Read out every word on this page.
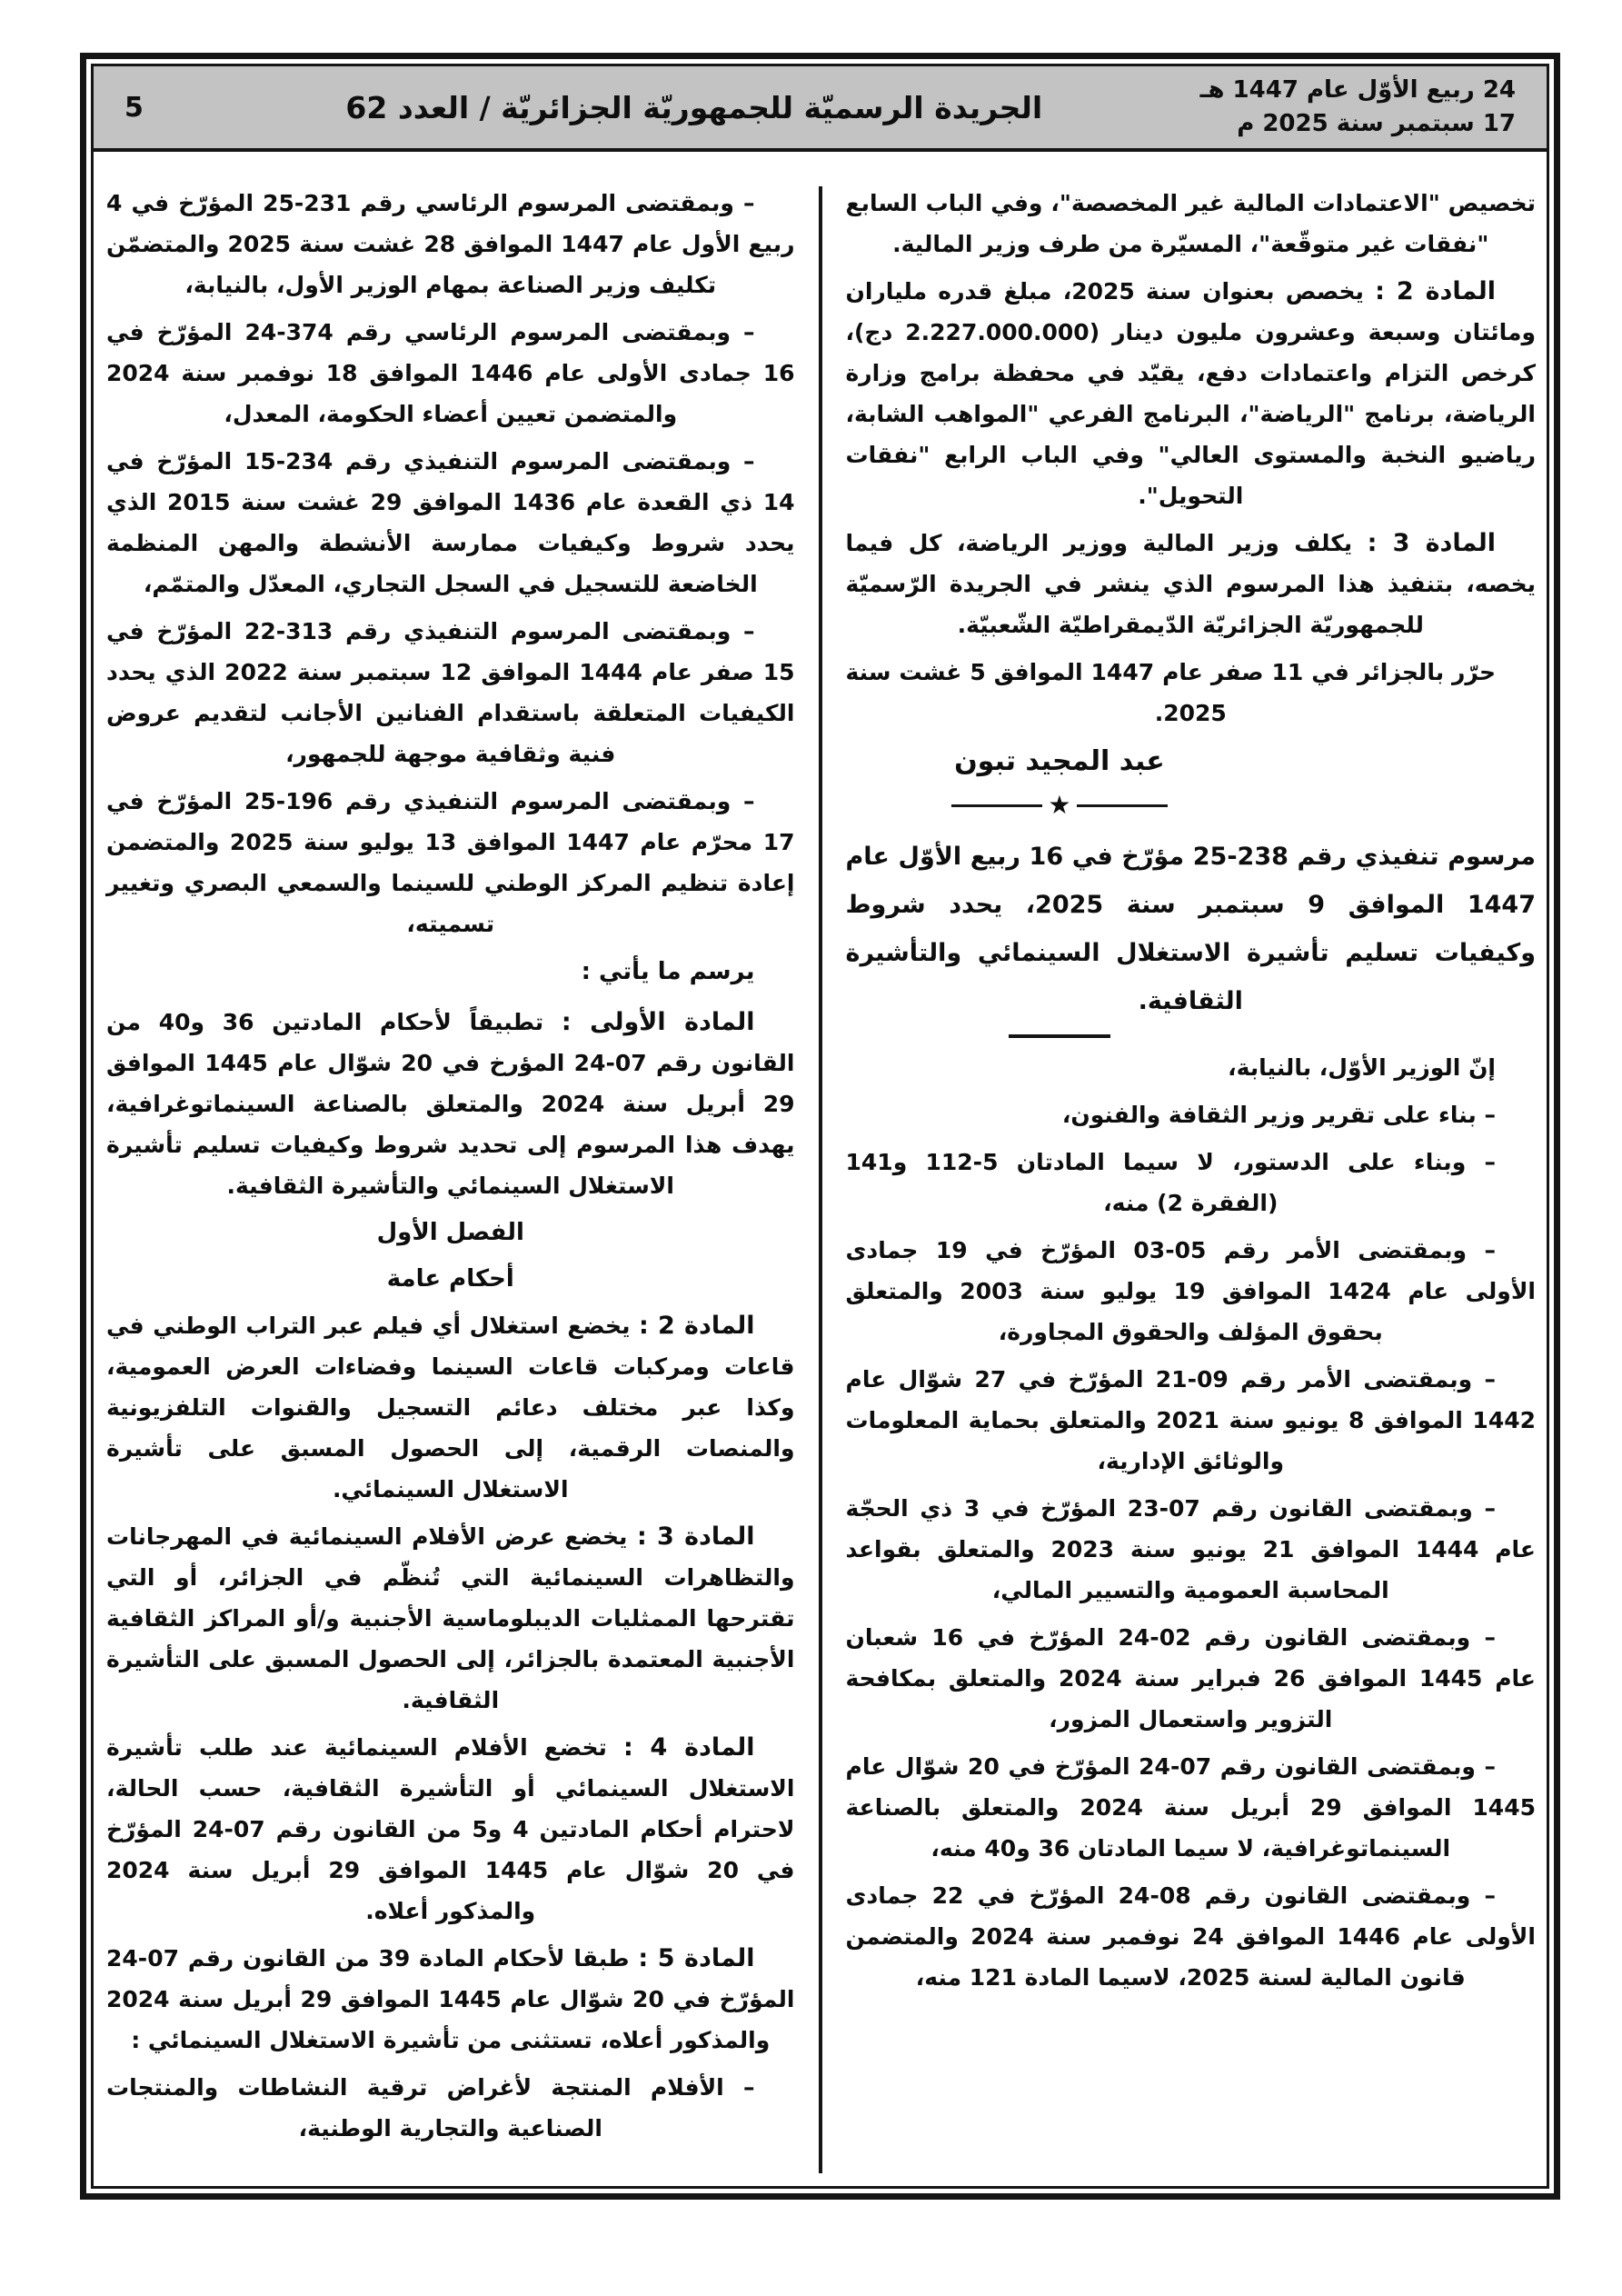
24 ربيع الأوّل عام 1447 هـ
17 سبتمبر سنة 2025 م
الجريدة الرسميّة للجمهوريّة الجزائريّة / العدد 62
5
تخصيص "الاعتمادات المالية غير المخصصة"، وفي الباب السابع "نفقات غير متوقّعة"، المسيّرة من طرف وزير المالية.
المادة 2 : يخصص بعنوان سنة 2025، مبلغ قدره ملياران ومائتان وسبعة وعشرون مليون دينار (2.227.000.000 دج)، كرخص التزام واعتمادات دفع، يقيّد في محفظة برامج وزارة الرياضة، برنامج "الرياضة"، البرنامج الفرعي "المواهب الشابة، رياضيو النخبة والمستوى العالي" وفي الباب الرابع "نفقات التحويل".
المادة 3 : يكلف وزير المالية ووزير الرياضة، كل فيما يخصه، بتنفيذ هذا المرسوم الذي ينشر في الجريدة الرّسميّة للجمهوريّة الجزائريّة الدّيمقراطيّة الشّعبيّة.
حرّر بالجزائر في 11 صفر عام 1447 الموافق 5 غشت سنة 2025.
عبد المجيد تبون
★
مرسوم تنفيذي رقم 238-25 مؤرّخ في 16 ربيع الأوّل عام 1447 الموافق 9 سبتمبر سنة 2025، يحدد شروط وكيفيات تسليم تأشيرة الاستغلال السينمائي والتأشيرة الثقافية.
إنّ الوزير الأوّل، بالنيابة،
– بناء على تقرير وزير الثقافة والفنون،
– وبناء على الدستور، لا سيما المادتان 5-112 و141 (الفقرة 2) منه،
– وبمقتضى الأمر رقم 05-03 المؤرّخ في 19 جمادى الأولى عام 1424 الموافق 19 يوليو سنة 2003 والمتعلق بحقوق المؤلف والحقوق المجاورة،
– وبمقتضى الأمر رقم 09-21 المؤرّخ في 27 شوّال عام 1442 الموافق 8 يونيو سنة 2021 والمتعلق بحماية المعلومات والوثائق الإدارية،
– وبمقتضى القانون رقم 07-23 المؤرّخ في 3 ذي الحجّة عام 1444 الموافق 21 يونيو سنة 2023 والمتعلق بقواعد المحاسبة العمومية والتسيير المالي،
– وبمقتضى القانون رقم 02-24 المؤرّخ في 16 شعبان عام 1445 الموافق 26 فبراير سنة 2024 والمتعلق بمكافحة التزوير واستعمال المزور،
– وبمقتضى القانون رقم 07-24 المؤرّخ في 20 شوّال عام 1445 الموافق 29 أبريل سنة 2024 والمتعلق بالصناعة السينماتوغرافية، لا سيما المادتان 36 و40 منه،
– وبمقتضى القانون رقم 08-24 المؤرّخ في 22 جمادى الأولى عام 1446 الموافق 24 نوفمبر سنة 2024 والمتضمن قانون المالية لسنة 2025، لاسيما المادة 121 منه،
– وبمقتضى المرسوم الرئاسي رقم 231-25 المؤرّخ في 4 ربيع الأول عام 1447 الموافق 28 غشت سنة 2025 والمتضمّن تكليف وزير الصناعة بمهام الوزير الأول، بالنيابة،
– وبمقتضى المرسوم الرئاسي رقم 374-24 المؤرّخ في 16 جمادى الأولى عام 1446 الموافق 18 نوفمبر سنة 2024 والمتضمن تعيين أعضاء الحكومة، المعدل،
– وبمقتضى المرسوم التنفيذي رقم 234-15 المؤرّخ في 14 ذي القعدة عام 1436 الموافق 29 غشت سنة 2015 الذي يحدد شروط وكيفيات ممارسة الأنشطة والمهن المنظمة الخاضعة للتسجيل في السجل التجاري، المعدّل والمتمّم،
– وبمقتضى المرسوم التنفيذي رقم 313-22 المؤرّخ في 15 صفر عام 1444 الموافق 12 سبتمبر سنة 2022 الذي يحدد الكيفيات المتعلقة باستقدام الفنانين الأجانب لتقديم عروض فنية وثقافية موجهة للجمهور،
– وبمقتضى المرسوم التنفيذي رقم 196-25 المؤرّخ في 17 محرّم عام 1447 الموافق 13 يوليو سنة 2025 والمتضمن إعادة تنظيم المركز الوطني للسينما والسمعي البصري وتغيير تسميته،
يرسم ما يأتي :
المادة الأولى : تطبيقاً لأحكام المادتين 36 و40 من القانون رقم 07-24 المؤرخ في 20 شوّال عام 1445 الموافق 29 أبريل سنة 2024 والمتعلق بالصناعة السينماتوغرافية، يهدف هذا المرسوم إلى تحديد شروط وكيفيات تسليم تأشيرة الاستغلال السينمائي والتأشيرة الثقافية.
الفصل الأول
أحكام عامة
المادة 2 : يخضع استغلال أي فيلم عبر التراب الوطني في قاعات ومركبات قاعات السينما وفضاءات العرض العمومية، وكذا عبر مختلف دعائم التسجيل والقنوات التلفزيونية والمنصات الرقمية، إلى الحصول المسبق على تأشيرة الاستغلال السينمائي.
المادة 3 : يخضع عرض الأفلام السينمائية في المهرجانات والتظاهرات السينمائية التي تُنظّم في الجزائر، أو التي تقترحها الممثليات الديبلوماسية الأجنبية و/أو المراكز الثقافية الأجنبية المعتمدة بالجزائر، إلى الحصول المسبق على التأشيرة الثقافية.
المادة 4 : تخضع الأفلام السينمائية عند طلب تأشيرة الاستغلال السينمائي أو التأشيرة الثقافية، حسب الحالة، لاحترام أحكام المادتين 4 و5 من القانون رقم 07-24 المؤرّخ في 20 شوّال عام 1445 الموافق 29 أبريل سنة 2024 والمذكور أعلاه.
المادة 5 : طبقا لأحكام المادة 39 من القانون رقم 07-24 المؤرّخ في 20 شوّال عام 1445 الموافق 29 أبريل سنة 2024 والمذكور أعلاه، تستثنى من تأشيرة الاستغلال السينمائي :
– الأفلام المنتجة لأغراض ترقية النشاطات والمنتجات الصناعية والتجارية الوطنية،
